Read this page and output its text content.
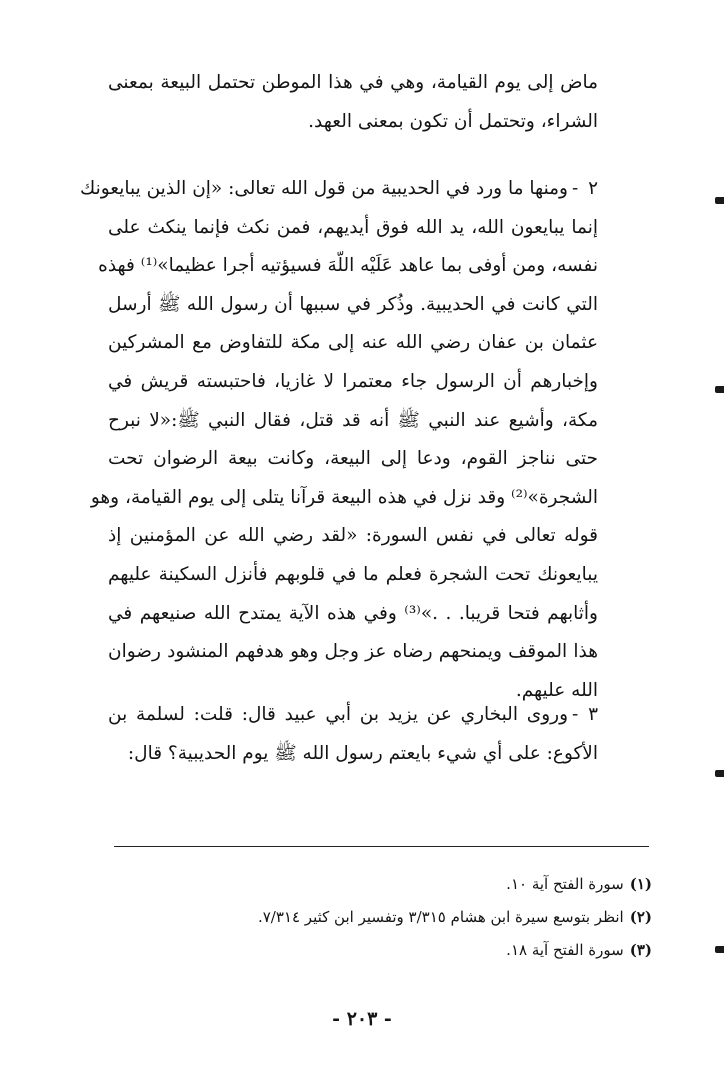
ماض إلى يوم القيامة، وهي في هذا الموطن تحتمل البيعة بمعنى
الشراء، وتحتمل أن تكون بمعنى العهد.
٢ -ومنها ما ورد في الحديبية من قول الله تعالى: «إن الذين يبايعونك
إنما يبايعون الله، يد الله فوق أيديهم، فمن نكث فإنما ينكث على
نفسه، ومن أوفى بما عاهد عَلَيْه اللّهَ فسيؤتيه أجرا عظيما»⁽¹⁾ فهذه
التي كانت في الحديبية. وذُكر في سببها أن رسول الله ﷺ أرسل
عثمان بن عفان رضي الله عنه إلى مكة للتفاوض مع المشركين
وإخبارهم أن الرسول جاء معتمرا لا غازيا، فاحتبسته قريش في
مكة، وأشيع عند النبي ﷺ أنه قد قتل، فقال النبي ﷺ:«لا نبرح
حتى نناجز القوم، ودعا إلى البيعة، وكانت بيعة الرضوان تحت
الشجرة»⁽²⁾ وقد نزل في هذه البيعة قرآنا يتلى إلى يوم القيامة، وهو
قوله تعالى في نفس السورة: «لقد رضي الله عن المؤمنين إذ
يبايعونك تحت الشجرة فعلم ما في قلوبهم فأنزل السكينة عليهم
وأثابهم فتحا قريبا. . .»⁽³⁾ وفي هذه الآية يمتدح الله صنيعهم في
هذا الموقف ويمنحهم رضاه عز وجل وهو هدفهم المنشود رضوان
الله عليهم.
٣ -وروى البخاري عن يزيد بن أبي عبيد قال: قلت: لسلمة بن
الأكوع: على أي شيء بايعتم رسول الله ﷺ يوم الحديبية؟ قال:
(١)سورة الفتح آية ١٠.
(٢)انظر بتوسع سيرة ابن هشام ٣/٣١٥ وتفسير ابن كثير ٧/٣١٤.
(٣)سورة الفتح آية ١٨.
- ٢٠٣ -
